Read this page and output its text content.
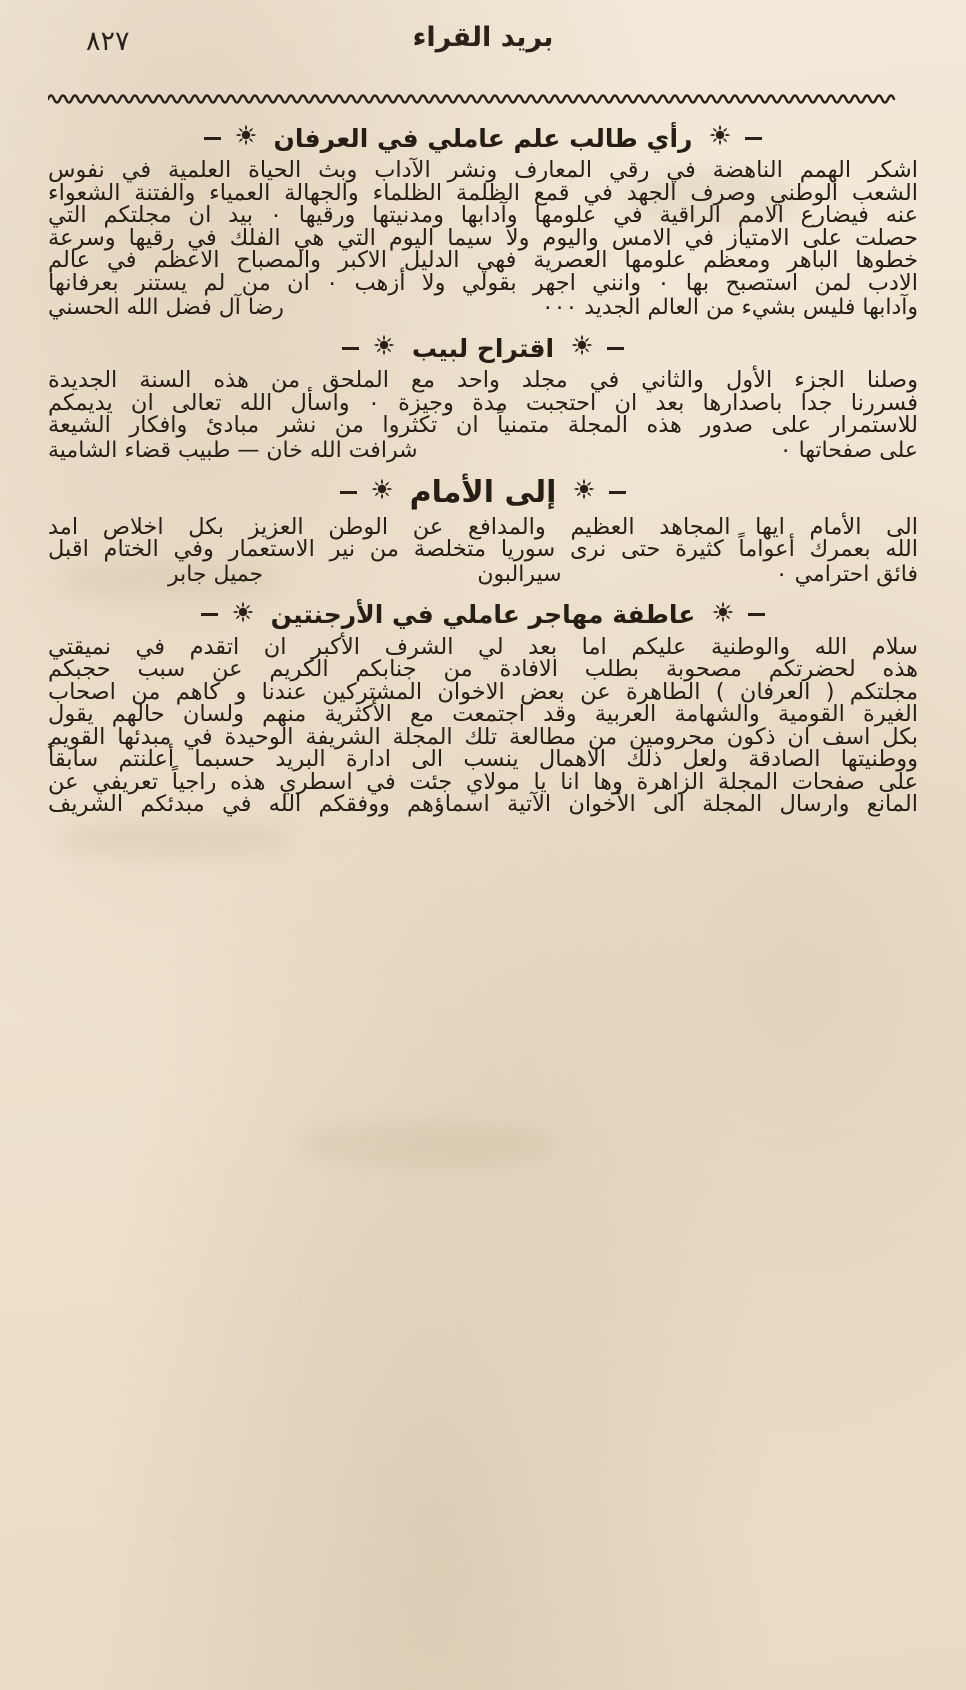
٨٢٧	بريد القراء
رأي طالب علم عاملي في العرفان
اشكر الهمم الناهضة في رقي المعارف ونشر الآداب وبث الحياة العلمية في نفوس
الشعب الوطني وصرف الجهد في قمع الظلمة الظلماء والجهالة العمياء والفتنة الشعواء
عنه فيضارع الامم الراقية في علومها وآدابها ومدنيتها ورقيها ٠ بيد ان مجلتكم التي
حصلت على الامتياز في الامس واليوم ولا سيما اليوم التي هي الفلك في رقيها وسرعة
خطوها الباهر ومعظم علومها العصرية فهي الدليل الاكبر والمصباح الاعظم في عالم
الادب لمن استصبح بها ٠ وانني اجهر بقولي ولا أزهب ٠ ان من لم يستنر بعرفانها
وآدابها فليس بشيء من العالم الجديد ٠٠٠
رضا آل فضل الله الحسني
اقتراح لبيب
وصلنا الجزء الأول والثاني في مجلد واحد مع الملحق من هذه السنة الجديدة
فسررنا جدا باصدارها بعد ان احتجبت مدة وجيزة ٠ واسأل الله تعالى ان يديمكم
للاستمرار على صدور هذه المجلة متمنياً ان تكثروا من نشر مبادئ وافكار الشيعة
على صفحاتها ٠
شرافت الله خان — طبيب قضاء الشامية
إلى الأمام
الى الأمام ايها المجاهد العظيم والمدافع عن الوطن العزيز بكل اخلاص امد
الله بعمرك أعواماً كثيرة حتى نرى سوريا متخلصة من نير الاستعمار وفي الختام اقبل
فائق احترامي ٠
سيرالبون
جميل جابر
عاطفة مهاجر عاملي في الأرجنتين
سلام الله والوطنية عليكم اما بعد لي الشرف الأكبر ان اتقدم في نميقتي
هذه لحضرتكم مصحوبة بطلب الافادة من جنابكم الكريم عن سبب حجبكم
مجلتكم ( العرفان ) الطاهرة عن بعض الاخوان المشتركين عندنا و كاهم من اصحاب
الغيرة القومية والشهامة العربية وقد اجتمعت مع الأكثرية منهم ولسان حالهم يقول
بكل اسف ان ذكون محرومين من مطالعة تلك المجلة الشريفة الوحيدة في مبدئها القويم
ووطنيتها الصادقة ولعل ذلك الاهمال ينسب الى ادارة البريد حسبما أعلنتم سابقاً
على صفحات المجلة الزاهرة وها انا يا مولاي جئت في اسطري هذه راجياً تعريفي عن
المانع وارسال المجلة الى الأخوان الآتية اسماؤهم ووفقكم الله في مبدئكم الشريف
